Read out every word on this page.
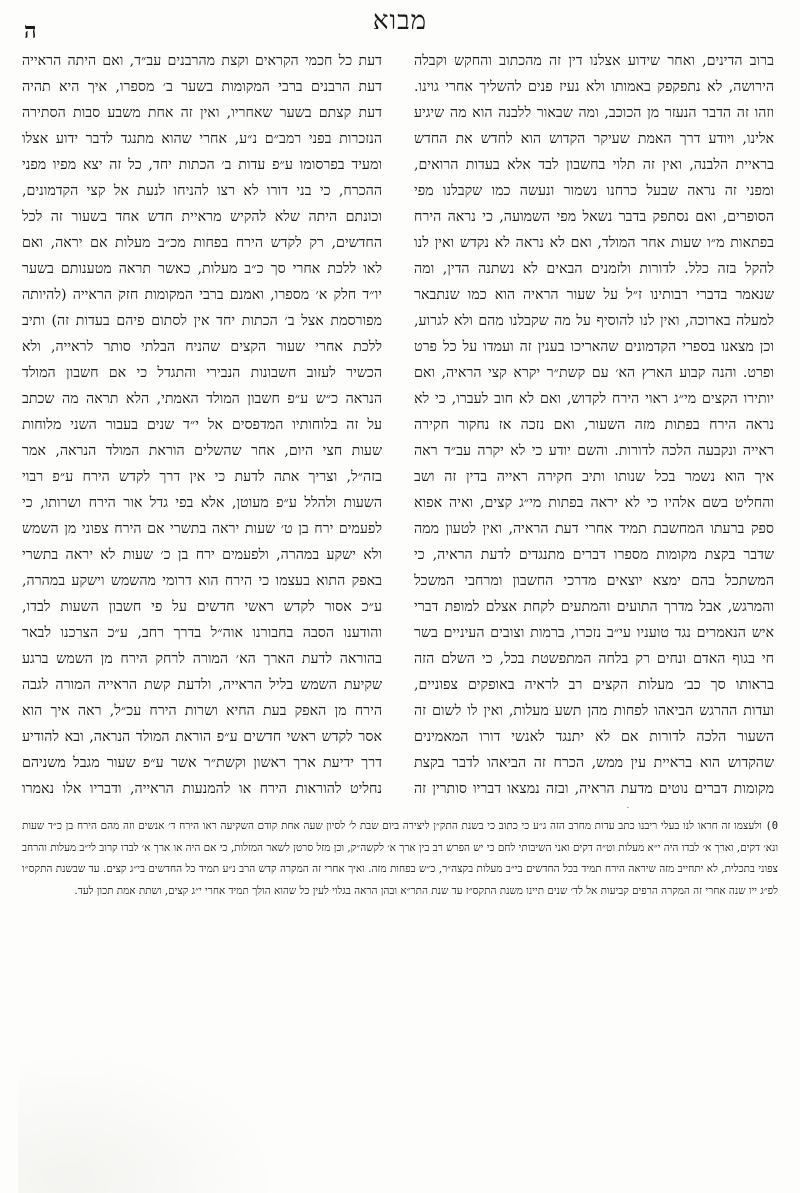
מבוא
ה
ברוב הדינים, ואחר שידוע אצלנו דין זה מהכתוב והחקש וקבלה הירושה, לא נתפקפק באמותו ולא נעיז פנים להשליך אחרי גוינו. וזהו זה הדבר הנעזר מן הכוכב, ומה שבאור ללבנה הוא מה שיגיע אלינו, ויודע דרך האמת שעיקר הקדוש הוא לחדש את החדש בראיית הלבנה, ואין זה תלוי בחשבון לבד אלא בעדות הרואים, ומפני זה נראה שבעל כרחנו נשמור ונעשה כמו שקבלנו מפי הסופרים, ואם נסתפק בדבר נשאל מפי השמועה, כי נראה הירח בפתאות מ״ו שעות אחר המולד, ואם לא נראה לא נקדש ואין לנו להקל בזה כלל. לדורות ולזמנים הבאים לא נשתנה הדין, ומה שנאמר בדברי רבותינו ז״ל על שעור הראיה הוא כמו שנתבאר למעלה בארוכה, ואין לנו להוסיף על מה שקבלנו מהם ולא לגרוע, וכן מצאנו בספרי הקדמונים שהאריכו בענין זה ועמדו על כל פרט ופרט. והנה קבוע הארץ הא׳ עם קשת״ר יקרא קצי הראיה, ואם יותירו הקצים מי״ג ראוי הירח לקדוש, ואם לא חוב לעברו, כי לא נראה הירח בפתות מזה השעור, ואם נזכה אז נחקור חקירה ראייה ונקבעה הלכה לדורות. והשם יודע כי לא יקרה עב״ד ראה איך הוא נשמר בכל שנותו ותיב חקירה ראייה בדין זה ושב והחליט בשם אלהיו כי לא יראה בפתות מי״ג קצים, ואיה אפוא ספק ברעתו המחשבת תמיד אחרי דעת הראיה, ואין לטעון ממה שדבר בקצת מקומות מספרו דברים מתנגדים לדעת הראיה, כי המשתכל בהם ימצא יוצאים מדרכי החשבון ומרחבי המשכל והמרגש, אבל מדרך התועים והמתעים לקחת אצלם למופת דברי איש הנאמרים נגד טועניו עי״ב נזכרו, ברמות וצובים העיניים בשר חי בגוף האדם ונחים רק בלחה המתפשטת בכל, כי השלם הזה בראותו סך כב׳ מעלות הקצים רב לראיה באופקים צפוניים, ועדות ההרגש הביאהו לפחות מהן תשע מעלות, ואין לו לשום זה השעור הלכה לדורות אם לא יתנגד לאנשי דורו המאמינים שהקדוש הוא בראיית עין ממש, הכרח זה הביאהו לדבר בקצת מקומות דברים נוטים מדעת הראיה, ובזה נמצאו דבריו סותרין זה
דעת כל חכמי הקראים וקצת מהרבנים עב״ד, ואם היתה הראייה דעת הרבנים ברבי המקומות בשער ב׳ מספרו, איך היא תהיה דעת קצתם בשער שאחריו, ואין זה אחת משבע סבות הסתירה הנזכרות בפני רמב״ם נ״ע, אחרי שהוא מתנגד לדבר ידוע אצלו ומעיד בפרסומו ע״פ עדות ב׳ הכתות יחד, כל זה יצא מפיו מפני ההכרח, כי בני דורו לא רצו להניחו לנעת אל קצי הקדמונים, וכונתם היתה שלא להקיש מראיית חדש אחד בשעור זה לכל החדשים, רק לקדש הירח בפחות מכ״ב מעלות אם יראה, ואם לאו ללכת אחרי סך כ״ב מעלות, כאשר תראה מטענותם בשער יו״ד חלק א׳ מספרו, ואמנם ברבי המקומות חזק הראייה (להיותה מפורסמת אצל ב׳ הכתות יחד אין לסתום פיהם בעדות זה) ותיב ללכת אחרי שעור הקצים שהניח הבלתי סותר לראייה, ולא הכשיר לעזוב חשבונות הנבירי והתגדל כי אם חשבון המולד הנראה כ״ש ע״פ חשבון המולד האמתי, הלא תראה מה שכתב על זה בלוחותיו המדפסים אל י״ד שנים בעבור השני מלוחות שעות חצי היום, אחר שהשלים הוראת המולד הנראה, אמר בזה״ל, וצריך אתה לדעת כי אין דרך לקדש הירח ע״פ רבוי השעות ולהלל ע״פ מעוטן, אלא בפי גדל אור הירח ושרותו, כי לפעמים ירח בן ט׳ שעות יראה בתשרי אם הירח צפוני מן השמש ולא ישקע במהרה, ולפעמים ירח בן כ׳ שעות לא יראה בתשרי באפק התוא בעצמו כי הירח הוא דרומי מהשמש וישקע במהרה, ע״כ אסור לקדש ראשי חדשים על פי חשבון השעות לבדו, והודענו הסבה בחבורנו אוה״ל בדרך רחב, ע״כ הצרכנו לבאר בהוראה לדעת הארך הא׳ המורה לרחק הירח מן השמש ברגע שקיעת השמש בליל הראייה, ולדעת קשת הראייה המורה לגבה הירח מן האפק בעת החיא ושרות הירח עכ״ל, ראה איך הוא אסר לקדש ראשי חדשים ע״פ הוראת המולד הנראה, ובא להודיע דרך ידיעת ארך ראשון וקשת״ר אשר ע״פ שעור מגבל משניהם נחליט להוראות הירח או להמנעות הראייה, ודבריו אלו נאמרו
0) ולעצמו זה חראו לנו בעלי ריבנו כתב עדות מחרב הזה ג״ע כי כתוב כי בשנת התק״ן ליצירה ביום שבת ל׳ לסיון שעה אחת קודם השקיעה ראו הירח ד׳ אנשים וזה מהם הירח בן כ״ד שעות ונא׳ דקים, וארך א׳ לבדו היה י״א מעלות וט״ה דקים ואני השיבותי לחם כי יש הפרש רב בין ארך א׳ לקשה״ק, וכן מזל סרטן לשאר המזלות, כי אם היה או ארך א׳ לבדו קרוב לי״ב מעלות והרחב צפוני בתכלית, לא יתחייב מזה שיראה הירח תמיד בכל החדשים בי״ב מעלות בקצה״ר, כ״ש בפחות מזה. ואיך אחרי זה המקרה קדש הרב נ״ע תמיד כל החדשים בי״ג קצים. עד שבשנת התקס״ו לפ״ג ייו שנה אחרי זה המקרה הרפים קביעות אל לד׳ שנים תיינו משנת התקס״ז עד שנת התר״א ובהן הראה בגלוי לעין כל שהוא הולך תמיד אחרי י״ג קצים, ושתת אמת תכון לעד.
